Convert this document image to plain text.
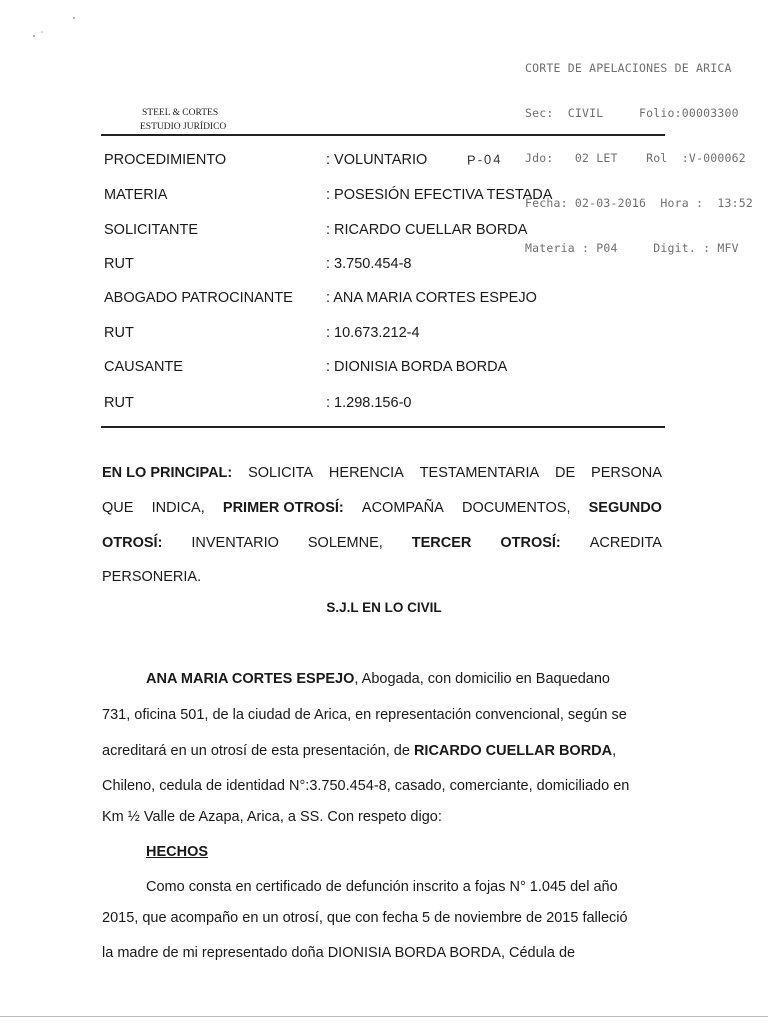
CORTE DE APELACIONES DE ARICA

Sec:  CIVIL     Folio:00003300

Jdo:   02 LET    Rol  :V-000062

Fecha: 02-03-2016  Hora :  13:52

Materia : P04     Digit. : MFV

STEEL & CORTES
ESTUDIO JURÍDICO
PROCEDIMIENTO	: VOLUNTARIO
MATERIA	: POSESIÓN EFECTIVA TESTADA
SOLICITANTE	: RICARDO CUELLAR BORDA
RUT	: 3.750.454-8
ABOGADO PATROCINANTE : ANA MARIA CORTES ESPEJO
RUT	: 10.673.212-4
CAUSANTE	: DIONISIA BORDA BORDA
RUT	: 1.298.156-0
P-04
EN LO PRINCIPAL: SOLICITA HERENCIA TESTAMENTARIA DE PERSONA
QUE INDICA, PRIMER OTROSÍ: ACOMPAÑA DOCUMENTOS, SEGUNDO
OTROSÍ: INVENTARIO SOLEMNE, TERCER OTROSÍ: ACREDITA
PERSONERIA.
S.J.L EN LO CIVIL
ANA MARIA CORTES ESPEJO, Abogada, con domicilio en Baquedano
731, oficina 501, de la ciudad de Arica, en representación convencional, según se
acreditará en un otrosí de esta presentación, de RICARDO CUELLAR BORDA,
Chileno, cedula de identidad N°:3.750.454-8, casado, comerciante, domiciliado en
Km ½ Valle de Azapa, Arica, a SS. Con respeto digo:
HECHOS
Como consta en certificado de defunción inscrito a fojas N° 1.045 del año
2015, que acompaño en un otrosí, que con fecha 5 de noviembre de 2015 falleció
la madre de mi representado doña DIONISIA BORDA BORDA, Cédula de
